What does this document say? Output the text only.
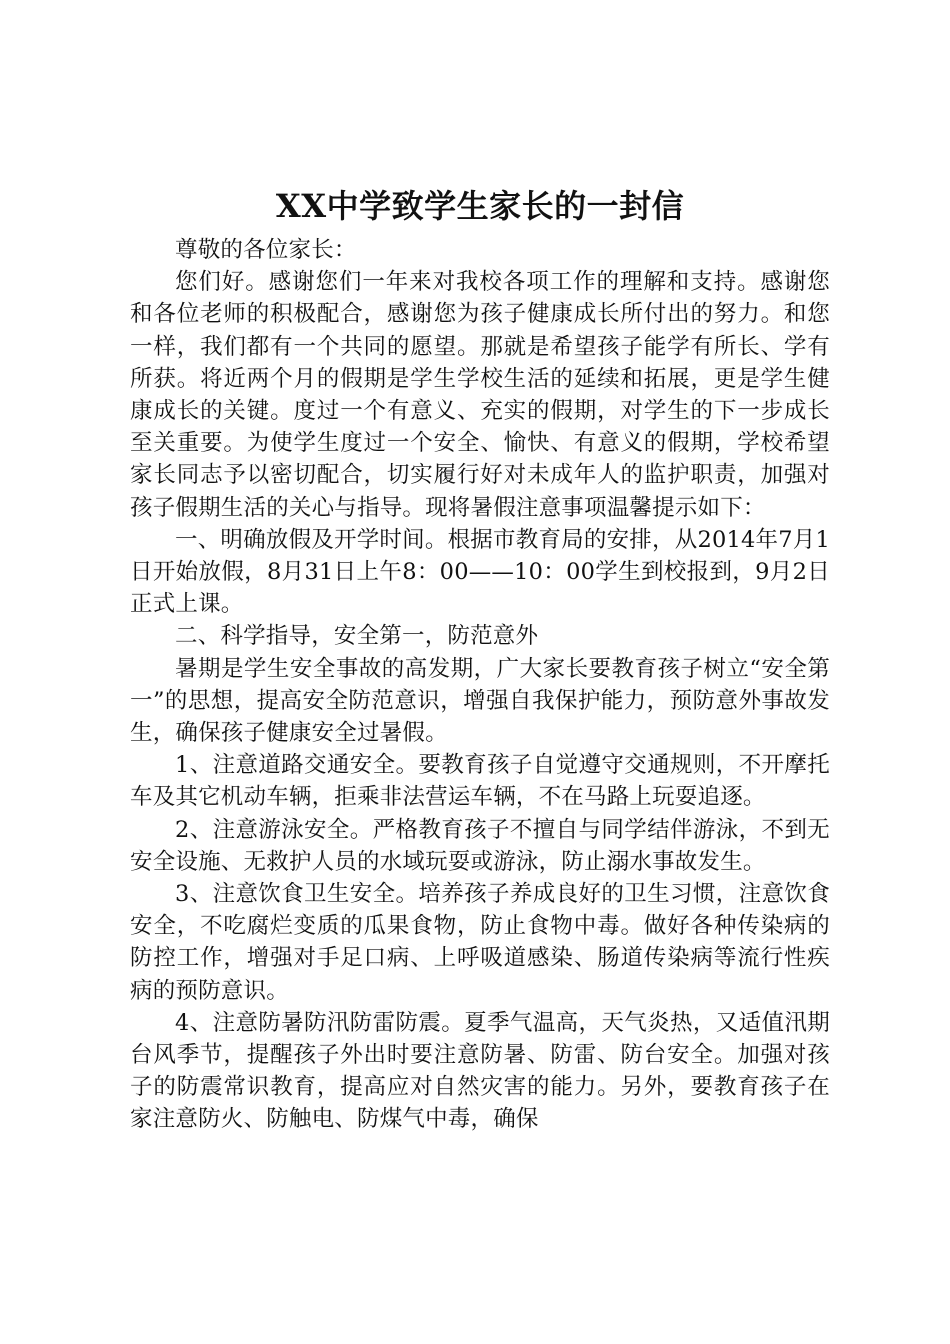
XX中学致学生家长的一封信

尊敬的各位家长：

您们好。感谢您们一年来对我校各项工作的理解和支持。感谢您和各位老师的积极配合，感谢您为孩子健康成长所付出的努力。和您一样，我们都有一个共同的愿望。那就是希望孩子能学有所长、学有所获。将近两个月的假期是学生学校生活的延续和拓展，更是学生健康成长的关键。度过一个有意义、充实的假期，对学生的下一步成长至关重要。为使学生度过一个安全、愉快、有意义的假期，学校希望家长同志予以密切配合，切实履行好对未成年人的监护职责，加强对孩子假期生活的关心与指导。现将暑假注意事项温馨提示如下：

一、明确放假及开学时间。根据市教育局的安排，从2014年7月1日开始放假，8月31日上午8：00——10：00学生到校报到，9月2日正式上课。

二、科学指导，安全第一，防范意外

暑期是学生安全事故的高发期，广大家长要教育孩子树立“安全第一”的思想，提高安全防范意识，增强自我保护能力，预防意外事故发生，确保孩子健康安全过暑假。

1、注意道路交通安全。要教育孩子自觉遵守交通规则，不开摩托车及其它机动车辆，拒乘非法营运车辆，不在马路上玩耍追逐。

2、注意游泳安全。严格教育孩子不擅自与同学结伴游泳，不到无安全设施、无救护人员的水域玩耍或游泳，防止溺水事故发生。

3、注意饮食卫生安全。培养孩子养成良好的卫生习惯，注意饮食安全，不吃腐烂变质的瓜果食物，防止食物中毒。做好各种传染病的防控工作，增强对手足口病、上呼吸道感染、肠道传染病等流行性疾病的预防意识。

4、注意防暑防汛防雷防震。夏季气温高，天气炎热，又适值汛期台风季节，提醒孩子外出时要注意防暑、防雷、防台安全。加强对孩子的防震常识教育，提高应对自然灾害的能力。另外，要教育孩子在家注意防火、防触电、防煤气中毒，确保
